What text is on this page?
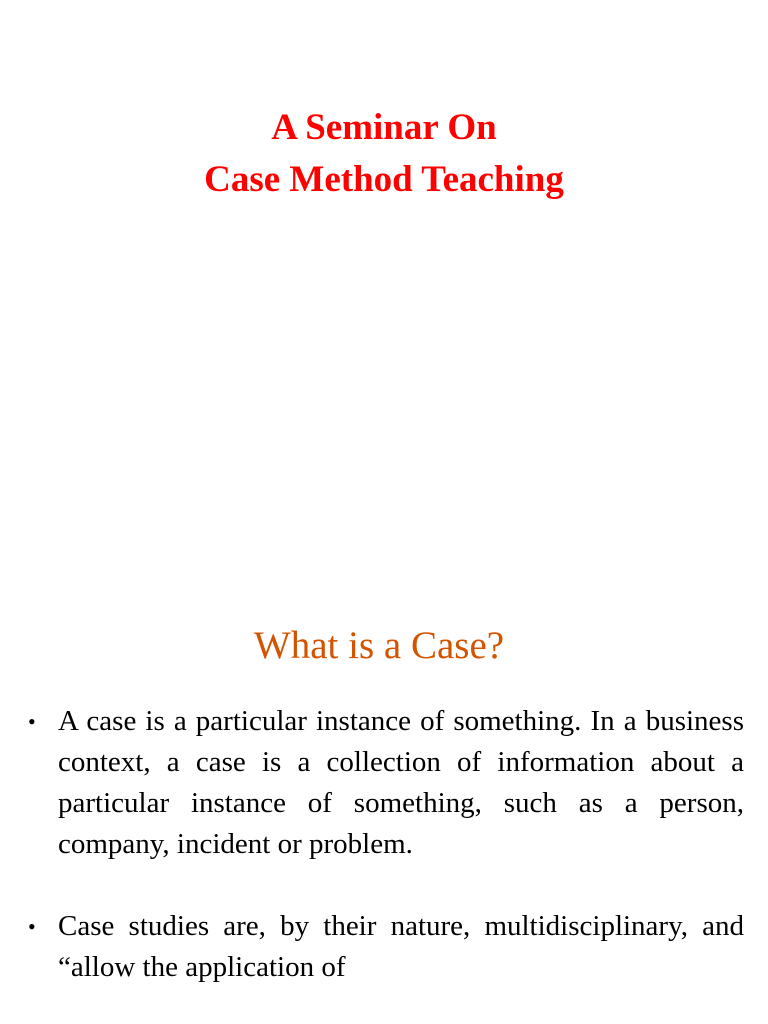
A Seminar On
Case Method Teaching
What is a Case?
• A case is a particular instance of something. In a business context, a case is a collection of information about a particular instance of something, such as a person, company, incident or problem.
• Case studies are, by their nature, multidisciplinary, and “allow the application of
